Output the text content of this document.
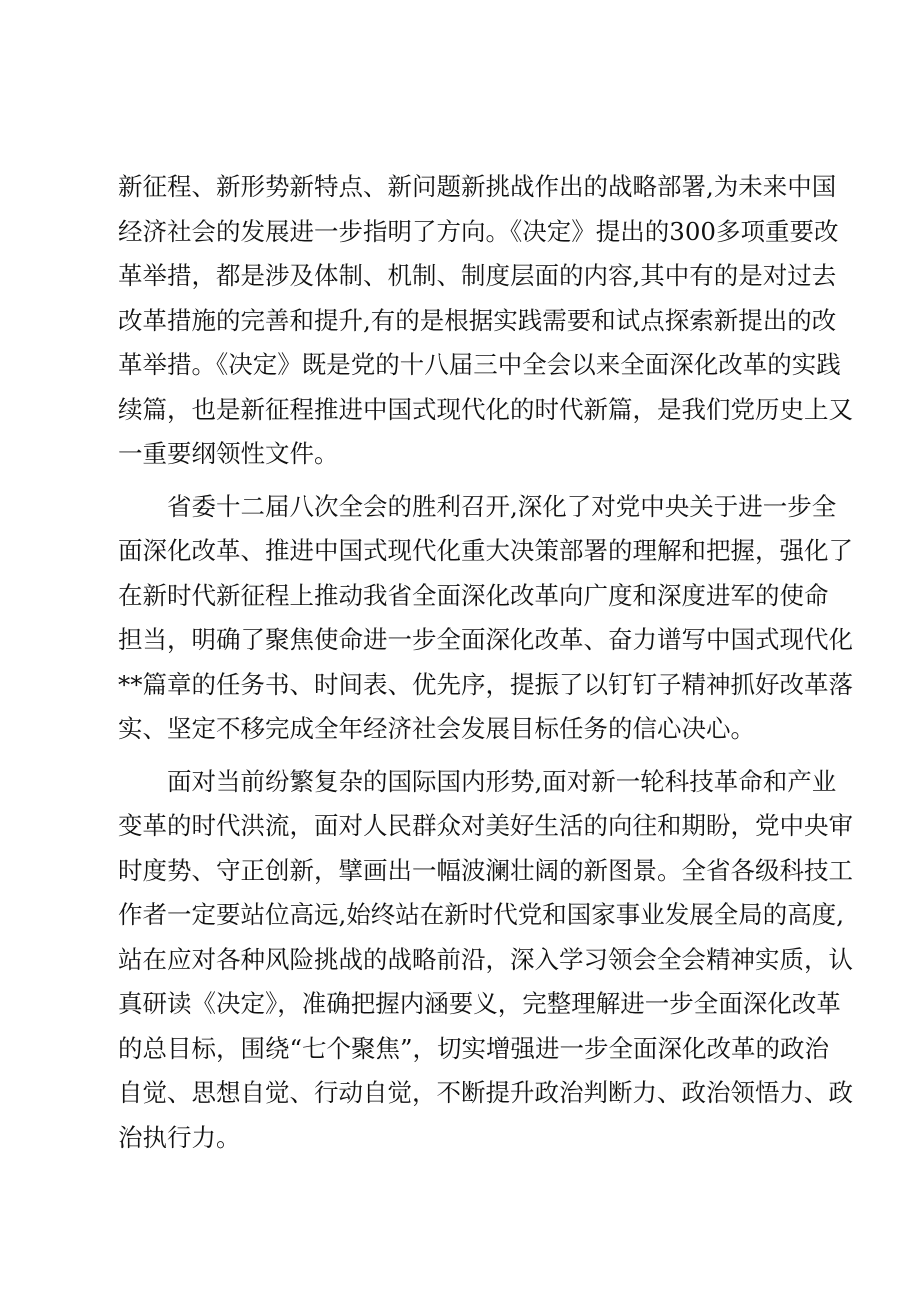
新征程、新形势新特点、新问题新挑战作出的战略部署,为未来中国
经济社会的发展进一步指明了方向。《决定》提出的300多项重要改
革举措，都是涉及体制、机制、制度层面的内容,其中有的是对过去
改革措施的完善和提升,有的是根据实践需要和试点探索新提出的改
革举措。《决定》既是党的十八届三中全会以来全面深化改革的实践
续篇，也是新征程推进中国式现代化的时代新篇，是我们党历史上又
一重要纲领性文件。
省委十二届八次全会的胜利召开,深化了对党中央关于进一步全
面深化改革、推进中国式现代化重大决策部署的理解和把握，强化了
在新时代新征程上推动我省全面深化改革向广度和深度进军的使命
担当，明确了聚焦使命进一步全面深化改革、奋力谱写中国式现代化
**篇章的任务书、时间表、优先序，提振了以钉钉子精神抓好改革落
实、坚定不移完成全年经济社会发展目标任务的信心决心。
面对当前纷繁复杂的国际国内形势,面对新一轮科技革命和产业
变革的时代洪流，面对人民群众对美好生活的向往和期盼，党中央审
时度势、守正创新，擘画出一幅波澜壮阔的新图景。全省各级科技工
作者一定要站位高远,始终站在新时代党和国家事业发展全局的高度,
站在应对各种风险挑战的战略前沿，深入学习领会全会精神实质，认
真研读《决定》，准确把握内涵要义，完整理解进一步全面深化改革
的总目标，围绕“七个聚焦”，切实增强进一步全面深化改革的政治
自觉、思想自觉、行动自觉，不断提升政治判断力、政治领悟力、政
治执行力。
